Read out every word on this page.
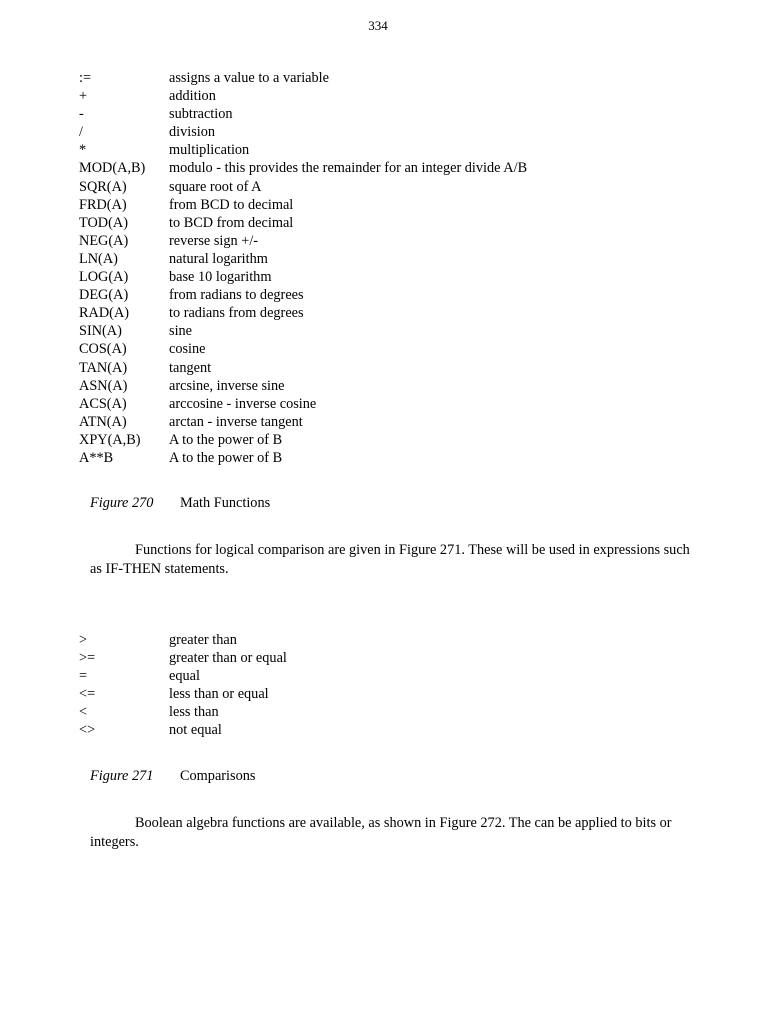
334
:=	assigns a value to a variable
+	addition
-	subtraction
/	division
*	multiplication
MOD(A,B)	modulo - this provides the remainder for an integer divide A/B
SQR(A)	square root of A
FRD(A)	from BCD to decimal
TOD(A)	to BCD from decimal
NEG(A)	reverse sign +/-
LN(A)	natural logarithm
LOG(A)	base 10 logarithm
DEG(A)	from radians to degrees
RAD(A)	to radians from degrees
SIN(A)	sine
COS(A)	cosine
TAN(A)	tangent
ASN(A)	arcsine, inverse sine
ACS(A)	arccosine - inverse cosine
ATN(A)	arctan - inverse tangent
XPY(A,B)	A to the power of B
A**B	A to the power of B
Figure 270 Math Functions
Functions for logical comparison are given in Figure 271. These will be used in expressions such as IF-THEN statements.
>	greater than
>=	greater than or equal
=	equal
<=	less than or equal
<	less than
<>	not equal
Figure 271 Comparisons
Boolean algebra functions are available, as shown in Figure 272. The can be applied to bits or integers.
